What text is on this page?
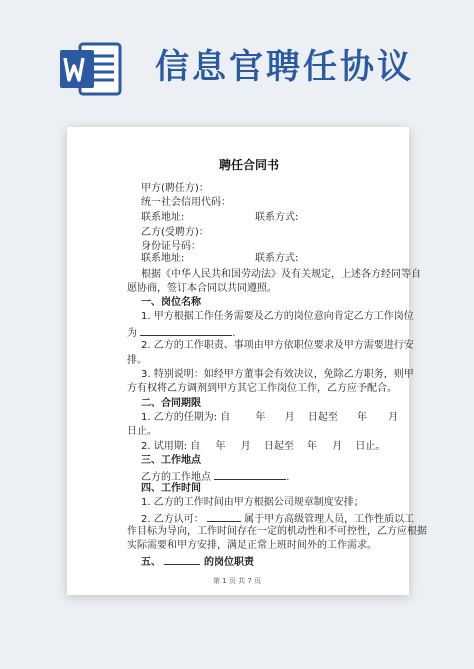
信息官聘任协议
聘任合同书
甲方(聘任方)：
统一社会信用代码：
联系地址:	联系方式:
乙方(受聘方)：
身份证号码：
联系地址:	联系方式:
根据《中华人民共和国劳动法》及有关规定，上述各方经同等自
愿协商，签订本合同以共同遵照。
一、岗位名称
1. 甲方根据工作任务需要及乙方的岗位意向肯定乙方工作岗位
为	.
2. 乙方的工作职责、事项由甲方依职位要求及甲方需要进行安
排。
3. 特别说明：如经甲方董事会有效决议，免除乙方职务，则甲
方有权将乙方调剂到甲方其它工作岗位工作，乙方应予配合。
二、合同期限
1. 乙方的任期为: 自	年 月 日起至 年 月
日止。
2. 试用期: 自 年 月 日起至 年 月 日止。
三、工作地点
乙方的工作地点	.
四、工作时间
1. 乙方的工作时间由甲方根据公司规章制度安排；
2. 乙方认可：	属于甲方高级管理人员，工作性质以工
作目标为导向，工作时间存在一定的机动性和不可控性，乙方应根据
实际需要和甲方安排，满足正常上班时间外的工作需求。
五、	的岗位职责
第 1 页 共 7 页
